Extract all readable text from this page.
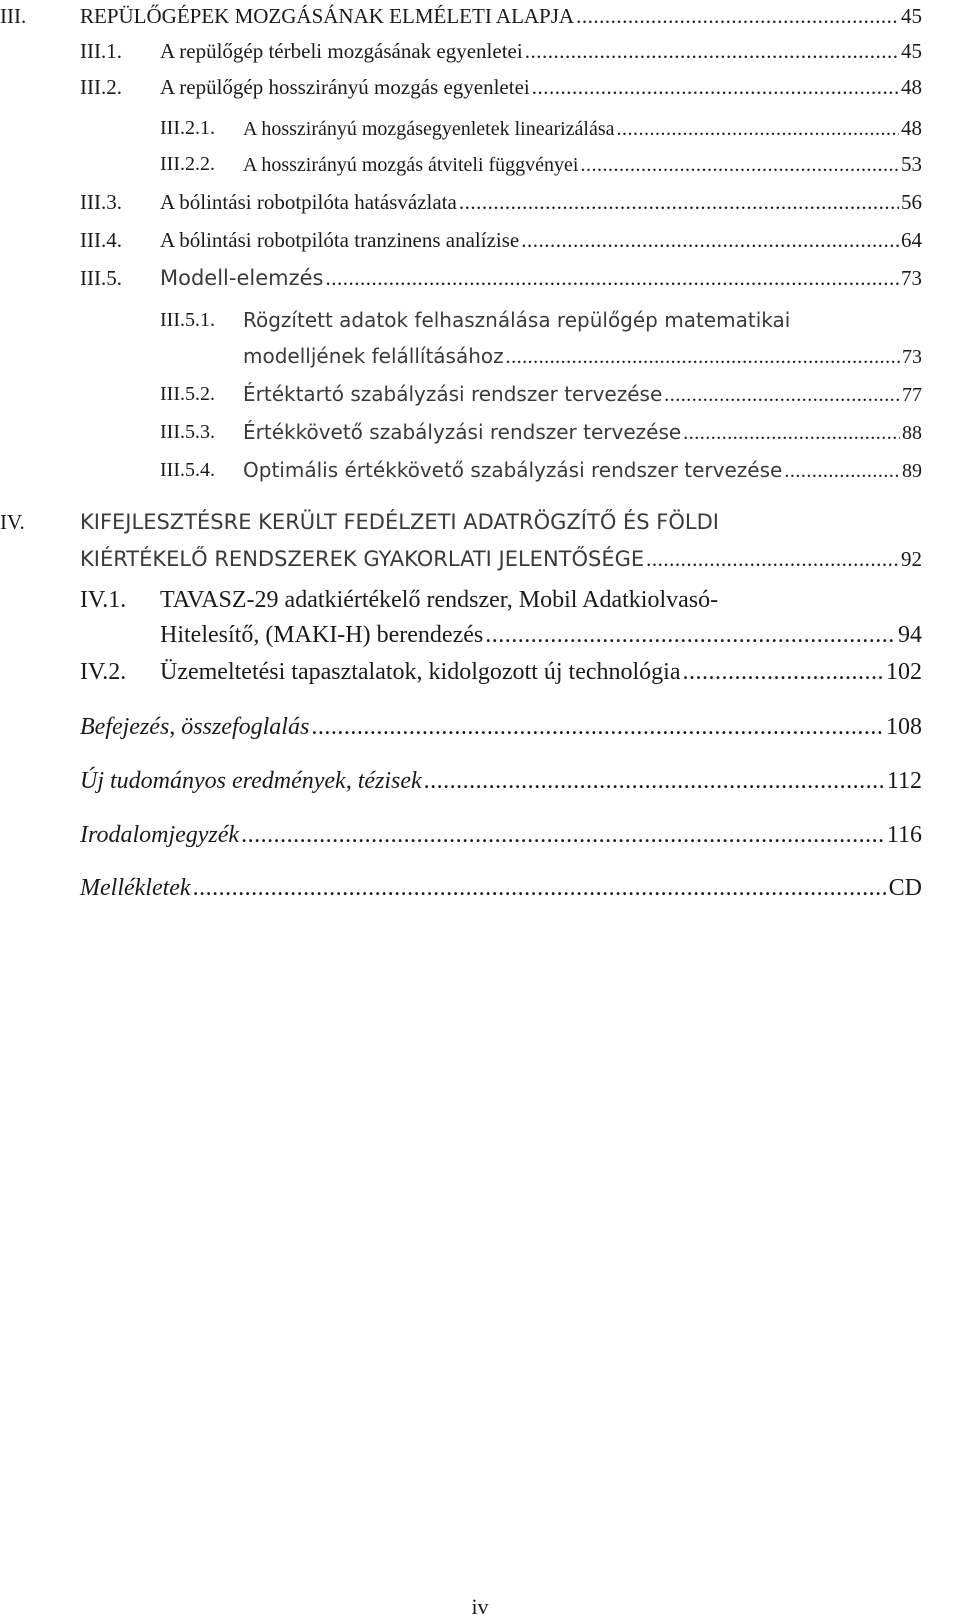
III.	REPÜLŐGÉPEK MOZGÁSÁNAK ELMÉLETI ALAPJA .....	45
III.1. A repülőgép térbeli mozgásának egyenletei .....	45
III.2. A repülőgép hosszirányú mozgás egyenletei .....	48
III.2.1. A hosszirányú mozgásegyenletek linearizálása .....	48
III.2.2. A hosszirányú mozgás átviteli függvényei .....	53
III.3. A bólintási robotpilóta hatásvázlata .....	56
III.4. A bólintási robotpilóta tranzinens analízise .....	64
III.5. Modell-elemzés .....	73
III.5.1. Rögzített adatok felhasználása repülőgép matematikai
modelljének felállításához .....	73
III.5.2. Értéktartó szabályzási rendszer tervezése .....	77
III.5.3. Értékkövető szabályzási rendszer tervezése .....	88
III.5.4. Optimális értékkövető szabályzási rendszer tervezése .....	89
IV.	KIFEJLESZTÉSRE KERÜLT FEDÉLZETI ADATRÖGZÍTŐ ÉS FÖLDI
KIÉRTÉKELŐ RENDSZEREK GYAKORLATI JELENTŐSÉGE .....	92
IV.1. TAVASZ-29 adatkiértékelő rendszer, Mobil Adatkiolvasó-
Hitelesítő, (MAKI-H) berendezés .....	94
IV.2. Üzemeltetési tapasztalatok, kidolgozott új technológia .....	102
Befejezés, összefoglalás .....	108
Új tudományos eredmények, tézisek .....	112
Irodalomjegyzék .....	116
Mellékletek .....	CD
iv
